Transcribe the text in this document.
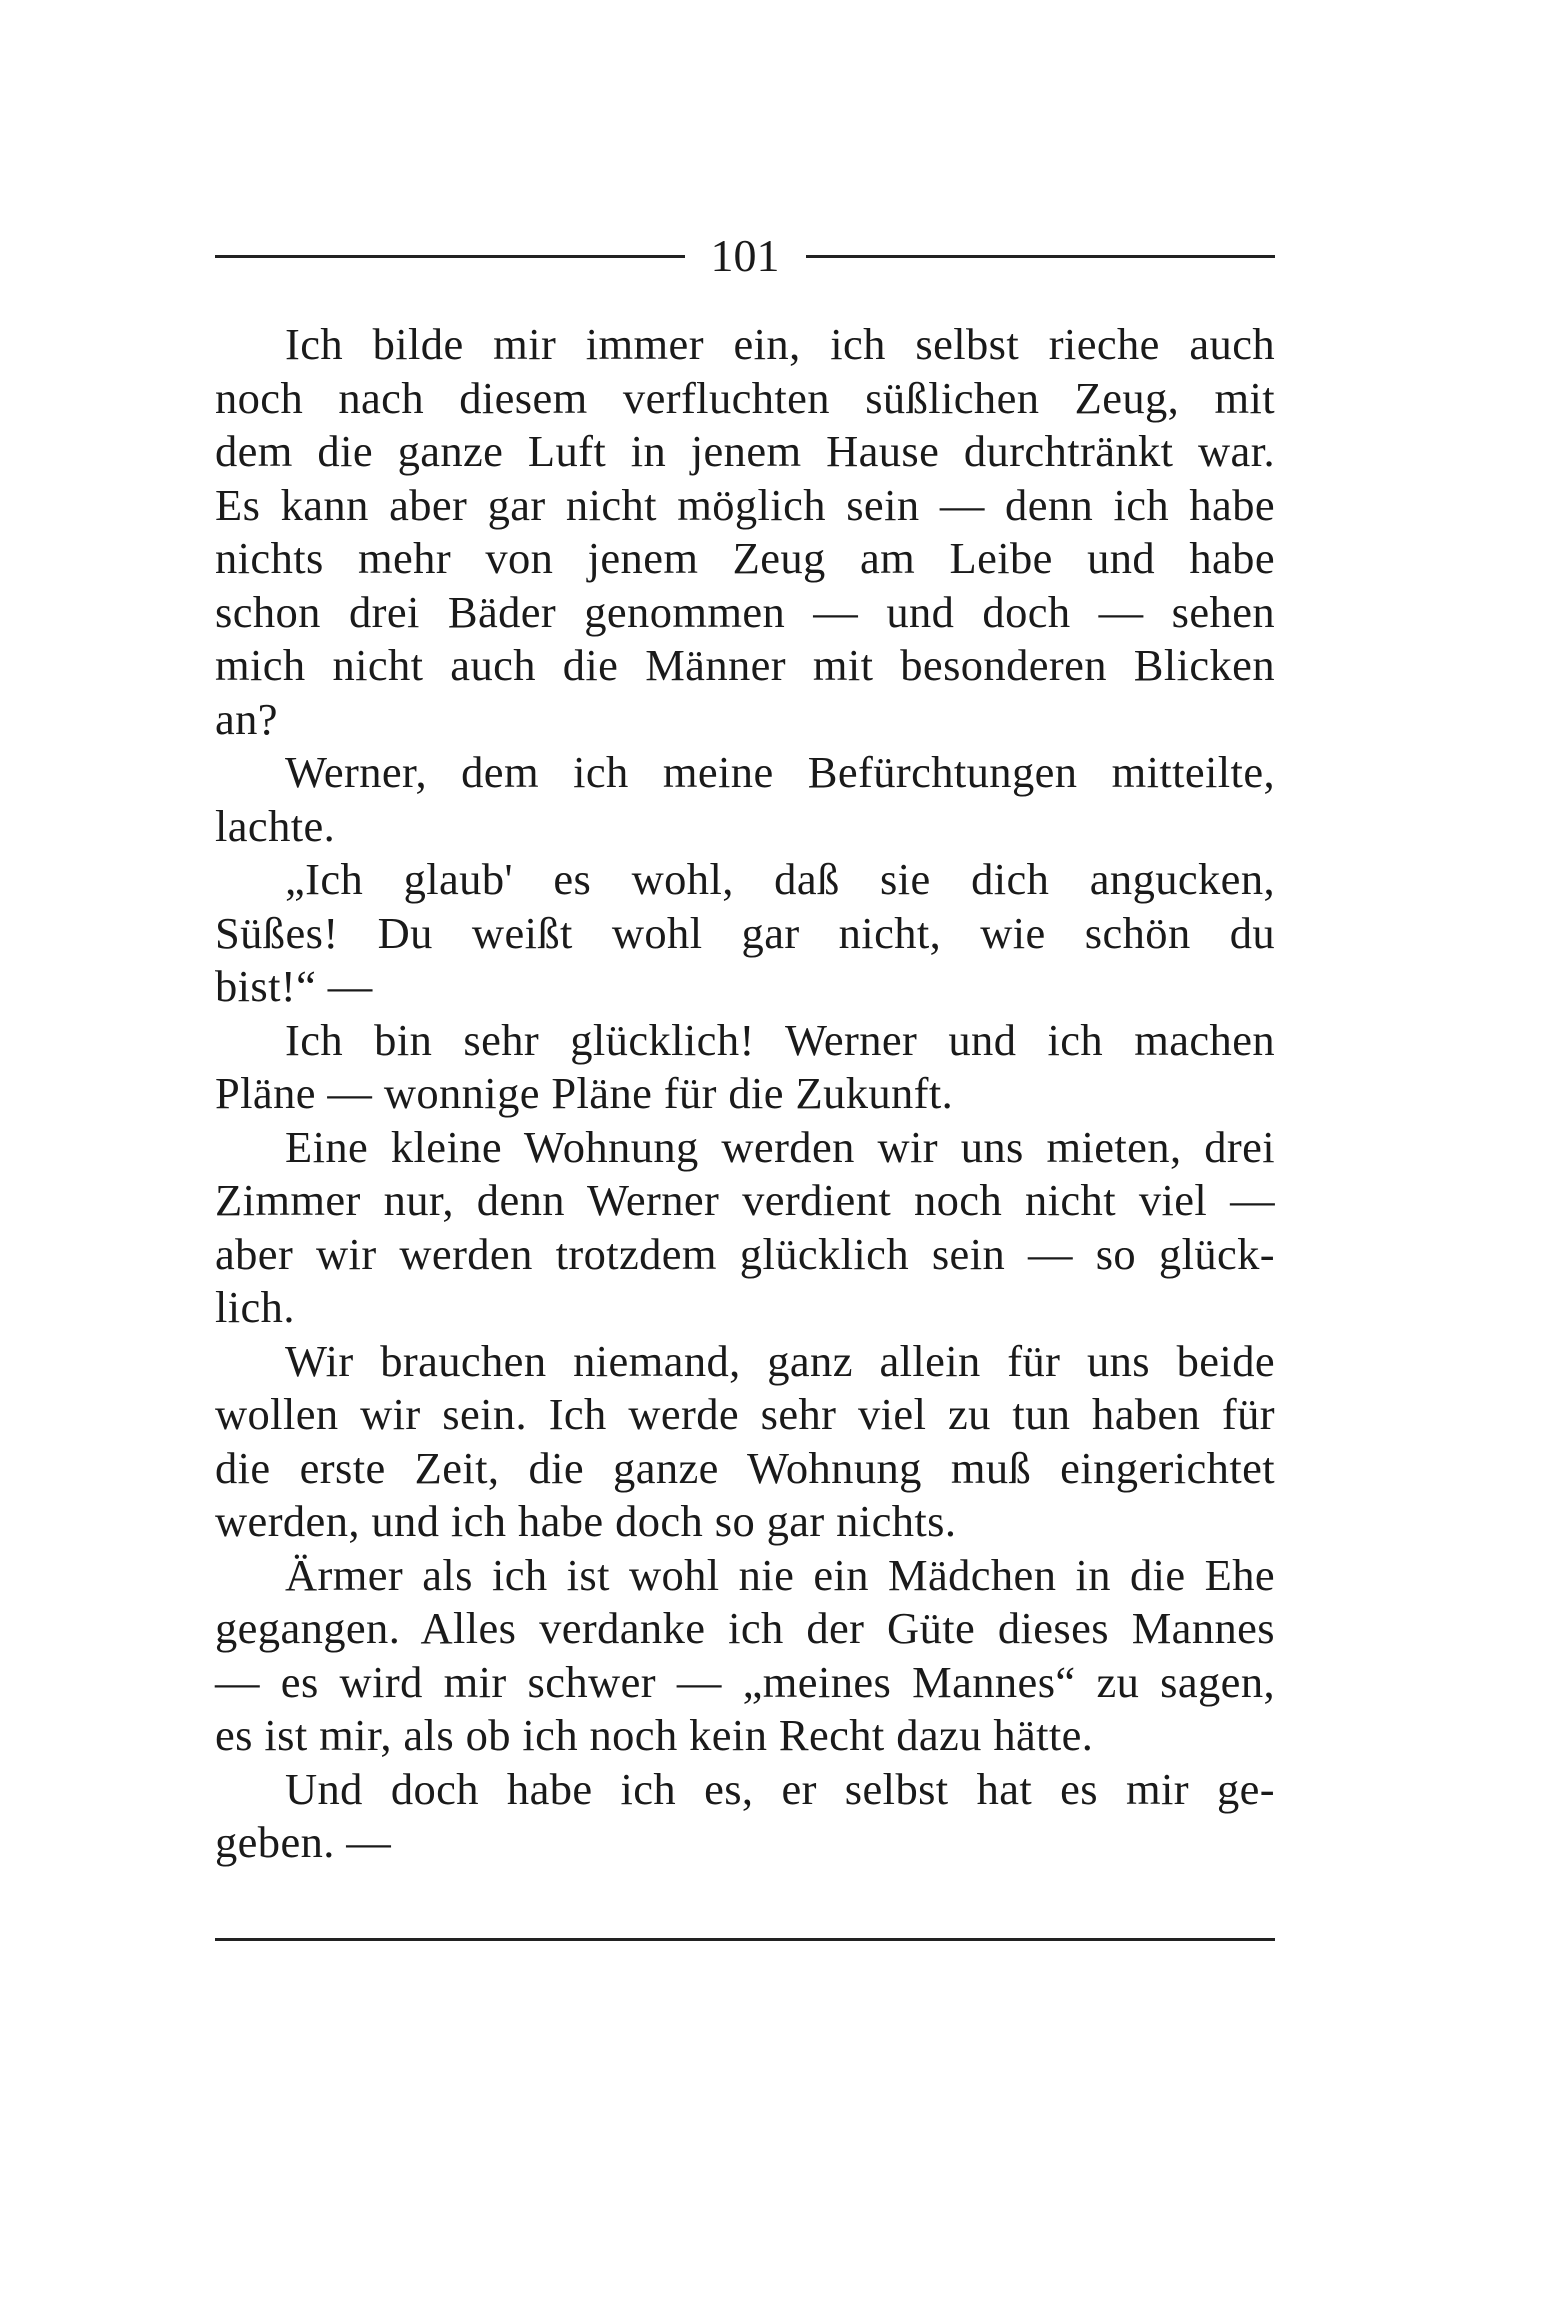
101
Ich bilde mir immer ein, ich selbst rieche auch
noch nach diesem verfluchten süßlichen Zeug, mit
dem die ganze Luft in jenem Hause durchtränkt war.
Es kann aber gar nicht möglich sein — denn ich habe
nichts mehr von jenem Zeug am Leibe und habe
schon drei Bäder genommen — und doch — sehen
mich nicht auch die Männer mit besonderen Blicken
an?
Werner, dem ich meine Befürchtungen mitteilte,
lachte.
„Ich glaub' es wohl, daß sie dich angucken,
Süßes! Du weißt wohl gar nicht, wie schön du
bist!“ —
Ich bin sehr glücklich! Werner und ich machen
Pläne — wonnige Pläne für die Zukunft.
Eine kleine Wohnung werden wir uns mieten, drei
Zimmer nur, denn Werner verdient noch nicht viel —
aber wir werden trotzdem glücklich sein — so glück-
lich.
Wir brauchen niemand, ganz allein für uns beide
wollen wir sein. Ich werde sehr viel zu tun haben für
die erste Zeit, die ganze Wohnung muß eingerichtet
werden, und ich habe doch so gar nichts.
Ärmer als ich ist wohl nie ein Mädchen in die Ehe
gegangen. Alles verdanke ich der Güte dieses Mannes
— es wird mir schwer — „meines Mannes“ zu sagen,
es ist mir, als ob ich noch kein Recht dazu hätte.
Und doch habe ich es, er selbst hat es mir ge-
geben. —
